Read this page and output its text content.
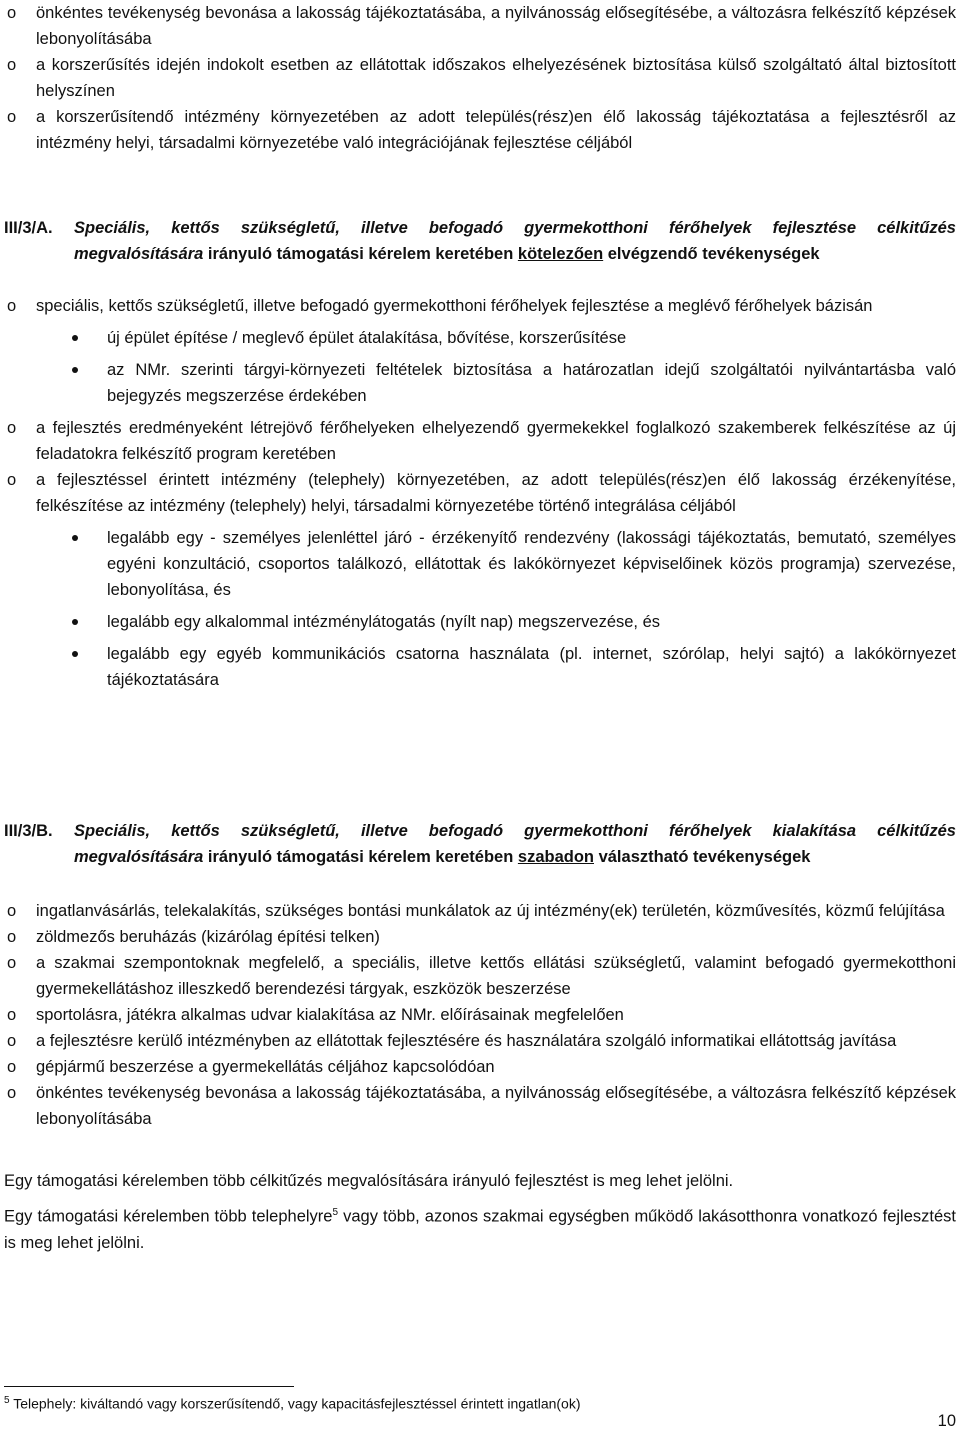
o önkéntes tevékenység bevonása a lakosság tájékoztatásába, a nyilvánosság elősegítésébe, a változásra felkészítő képzések lebonyolításába
o a korszerűsítés idején indokolt esetben az ellátottak időszakos elhelyezésének biztosítása külső szolgáltató által biztosított helyszínen
o a korszerűsítendő intézmény környezetében az adott település(rész)en élő lakosság tájékoztatása a fejlesztésről az intézmény helyi, társadalmi környezetébe való integrációjának fejlesztése céljából
III/3/A.	Speciális, kettős szükségletű, illetve befogadó gyermekotthoni férőhelyek fejlesztése célkitűzés megvalósítására irányuló támogatási kérelem keretében kötelezően elvégzendő tevékenységek
o speciális, kettős szükségletű, illetve befogadó gyermekotthoni férőhelyek fejlesztése a meglévő férőhelyek bázisán
új épület építése / meglevő épület átalakítása, bővítése, korszerűsítése
az NMr. szerinti tárgyi-környezeti feltételek biztosítása a határozatlan idejű szolgáltatói nyilvántartásba való bejegyzés megszerzése érdekében
o a fejlesztés eredményeként létrejövő férőhelyeken elhelyezendő gyermekekkel foglalkozó szakemberek felkészítése az új feladatokra felkészítő program keretében
o a fejlesztéssel érintett intézmény (telephely) környezetében, az adott település(rész)en élő lakosság érzékenyítése, felkészítése az intézmény (telephely) helyi, társadalmi környezetébe történő integrálása céljából
legalább egy - személyes jelenléttel járó - érzékenyítő rendezvény (lakossági tájékoztatás, bemutató, személyes egyéni konzultáció, csoportos találkozó, ellátottak és lakókörnyezet képviselőinek közös programja) szervezése, lebonyolítása, és
legalább egy alkalommal intézménylátogatás (nyílt nap) megszervezése, és
legalább egy egyéb kommunikációs csatorna használata (pl. internet, szórólap, helyi sajtó) a lakókörnyezet tájékoztatására
III/3/B.	Speciális, kettős szükségletű, illetve befogadó gyermekotthoni férőhelyek kialakítása célkitűzés megvalósítására irányuló támogatási kérelem keretében szabadon választható tevékenységek
o ingatlanvásárlás, telekalakítás, szükséges bontási munkálatok az új intézmény(ek) területén, közművesítés, közmű felújítása
o zöldmezős beruházás (kizárólag építési telken)
o a szakmai szempontoknak megfelelő, a speciális, illetve kettős ellátási szükségletű, valamint befogadó gyermekotthoni gyermekellátáshoz illeszkedő berendezési tárgyak, eszközök beszerzése
o sportolásra, játékra alkalmas udvar kialakítása az NMr. előírásainak megfelelően
o a fejlesztésre kerülő intézményben az ellátottak fejlesztésére és használatára szolgáló informatikai ellátottság javítása
o gépjármű beszerzése a gyermekellátás céljához kapcsolódóan
o önkéntes tevékenység bevonása a lakosság tájékoztatásába, a nyilvánosság elősegítésébe, a változásra felkészítő képzések lebonyolításába

Egy támogatási kérelemben több célkitűzés megvalósítására irányuló fejlesztést is meg lehet jelölni.

Egy támogatási kérelemben több telephelyre$^5$ vagy több, azonos szakmai egységben működő lakásotthonra vonatkozó fejlesztést is meg lehet jelölni.

$^5$ Telephely: kiváltandó vagy korszerűsítendő, vagy kapacitásfejlesztéssel érintett ingatlan(ok)
10
